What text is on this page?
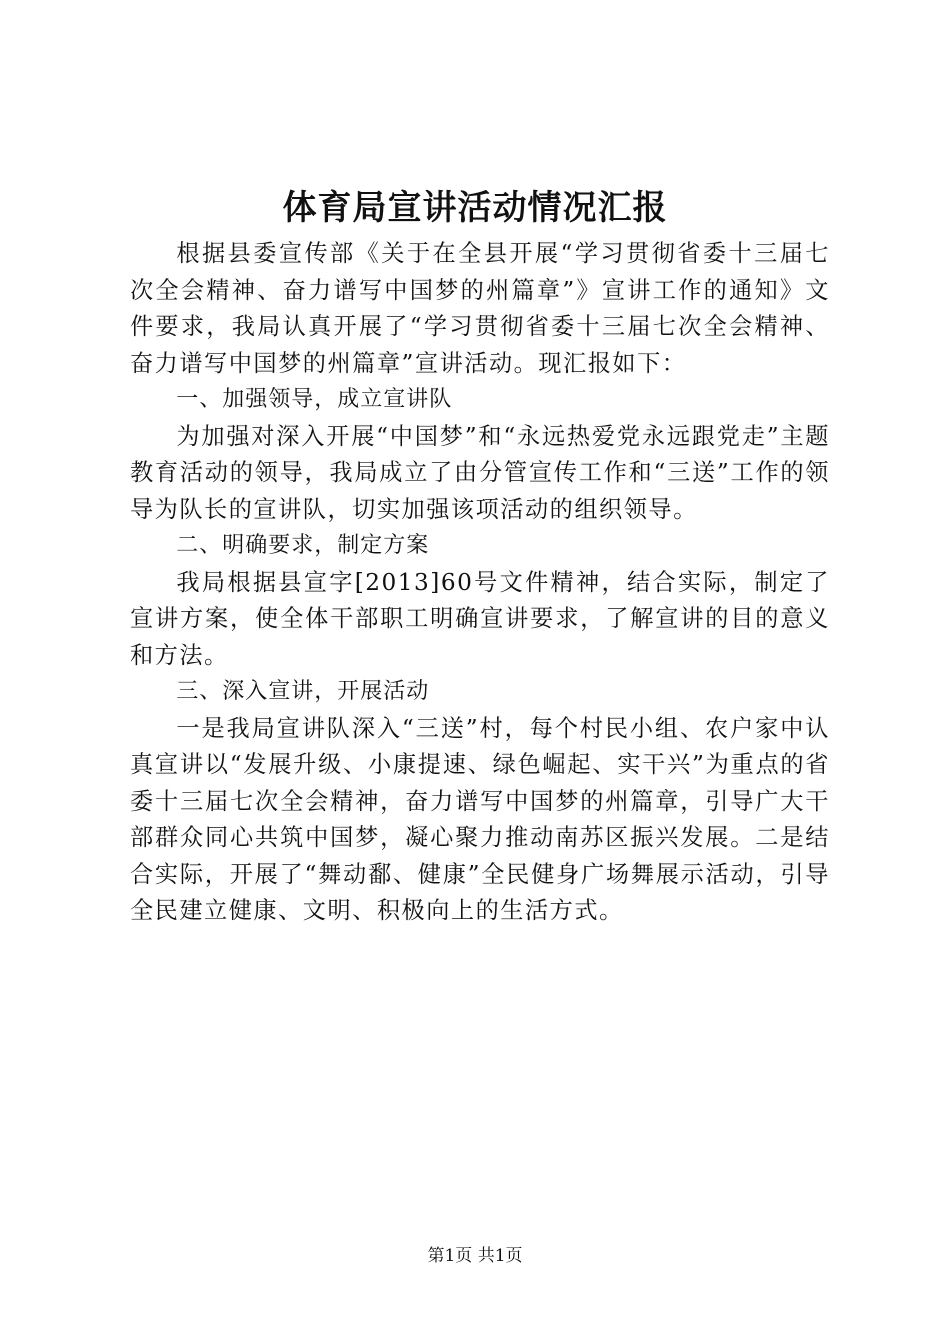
体育局宣讲活动情况汇报

根据县委宣传部《关于在全县开展“学习贯彻省委十三届七次全会精神、奋力谱写中国梦的州篇章”》宣讲工作的通知》文件要求，我局认真开展了“学习贯彻省委十三届七次全会精神、奋力谱写中国梦的州篇章”宣讲活动。现汇报如下：

一、加强领导，成立宣讲队

为加强对深入开展“中国梦”和“永远热爱党永远跟党走”主题教育活动的领导，我局成立了由分管宣传工作和“三送”工作的领导为队长的宣讲队，切实加强该项活动的组织领导。

二、明确要求，制定方案

我局根据县宣字[2013]60号文件精神，结合实际，制定了宣讲方案，使全体干部职工明确宣讲要求，了解宣讲的目的意义和方法。

三、深入宣讲，开展活动

一是我局宣讲队深入“三送”村，每个村民小组、农户家中认真宣讲以“发展升级、小康提速、绿色崛起、实干兴”为重点的省委十三届七次全会精神，奋力谱写中国梦的州篇章，引导广大干部群众同心共筑中国梦，凝心聚力推动南苏区振兴发展。二是结合实际，开展了“舞动鄱、健康”全民健身广场舞展示活动，引导全民建立健康、文明、积极向上的生活方式。

第1页 共1页
